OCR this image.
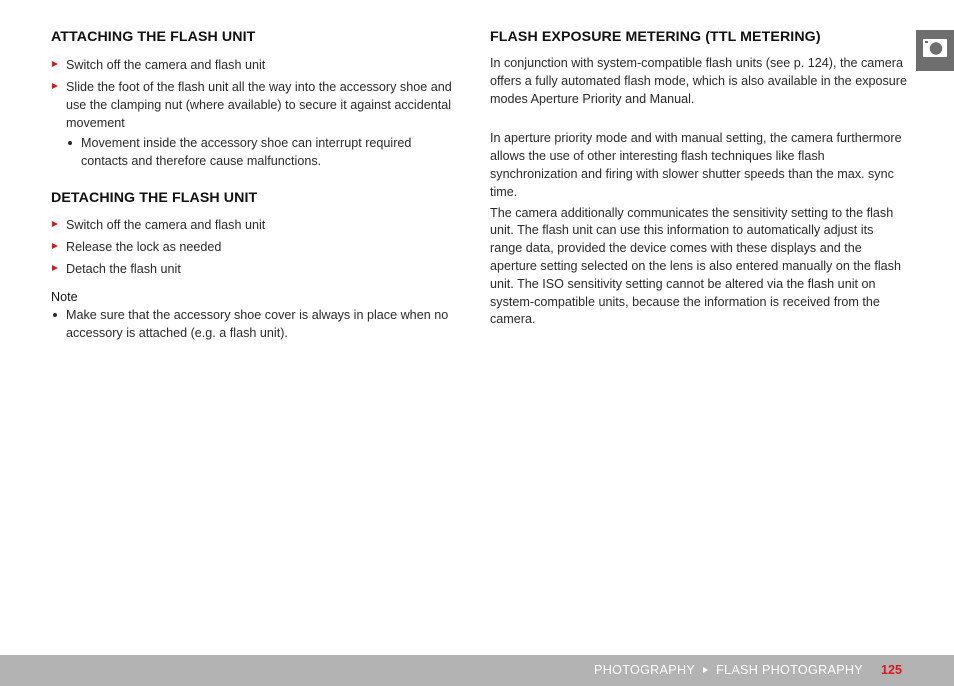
ATTACHING THE FLASH UNIT
Switch off the camera and flash unit
Slide the foot of the flash unit all the way into the accessory shoe and use the clamping nut (where available) to secure it against accidental movement
Movement inside the accessory shoe can interrupt required contacts and therefore cause malfunctions.
DETACHING THE FLASH UNIT
Switch off the camera and flash unit
Release the lock as needed
Detach the flash unit
Note
Make sure that the accessory shoe cover is always in place when no accessory is attached (e.g. a flash unit).
FLASH EXPOSURE METERING (TTL METERING)

In conjunction with system-compatible flash units (see p. 124), the camera offers a fully automated flash mode, which is also available in the exposure modes Aperture Priority and Manual.

In aperture priority mode and with manual setting, the camera furthermore allows the use of other interesting flash techniques like flash synchronization and firing with slower shutter speeds than the max. sync time.

The camera additionally communicates the sensitivity setting to the flash unit. The flash unit can use this information to automatically adjust its range data, provided the device comes with these displays and the aperture setting selected on the lens is also entered manually on the flash unit. The ISO sensitivity setting cannot be altered via the flash unit on system-compatible units, because the information is received from the camera.

PHOTOGRAPHY FLASH PHOTOGRAPHY 125
